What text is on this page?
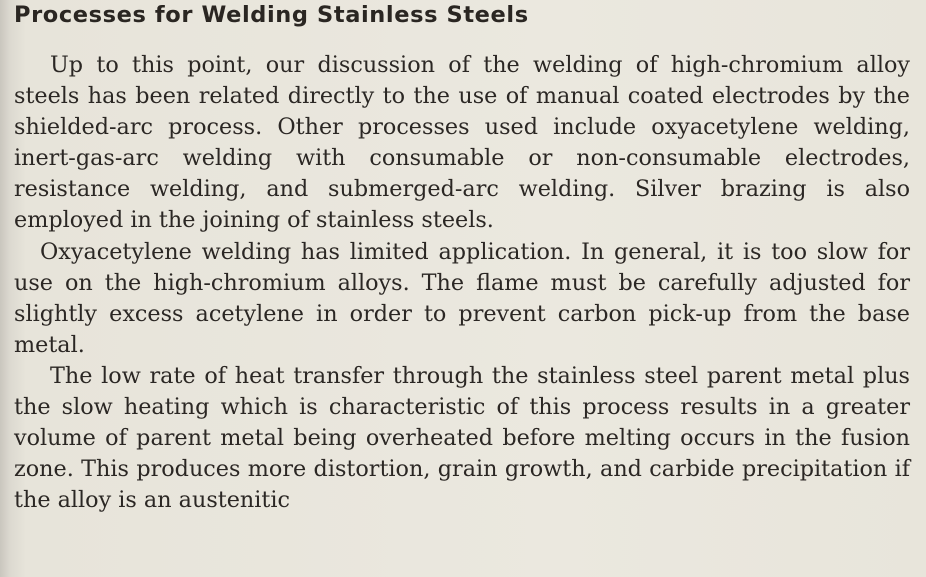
Processes for Welding Stainless Steels

Up to this point, our discussion of the welding of high-chromium alloy steels has been related directly to the use of manual coated electrodes by the shielded-arc process. Other processes used include oxyacetylene welding, inert-gas-arc welding with consumable or non-consumable electrodes, resistance welding, and submerged-arc welding. Silver brazing is also employed in the joining of stainless steels.

Oxyacetylene welding has limited application. In general, it is too slow for use on the high-chromium alloys. The flame must be carefully adjusted for slightly excess acetylene in order to prevent carbon pick-up from the base metal.

The low rate of heat transfer through the stainless steel parent metal plus the slow heating which is characteristic of this process results in a greater volume of parent metal being overheated before melting occurs in the fusion zone. This produces more distortion, grain growth, and carbide precipitation if the alloy is an austenitic
